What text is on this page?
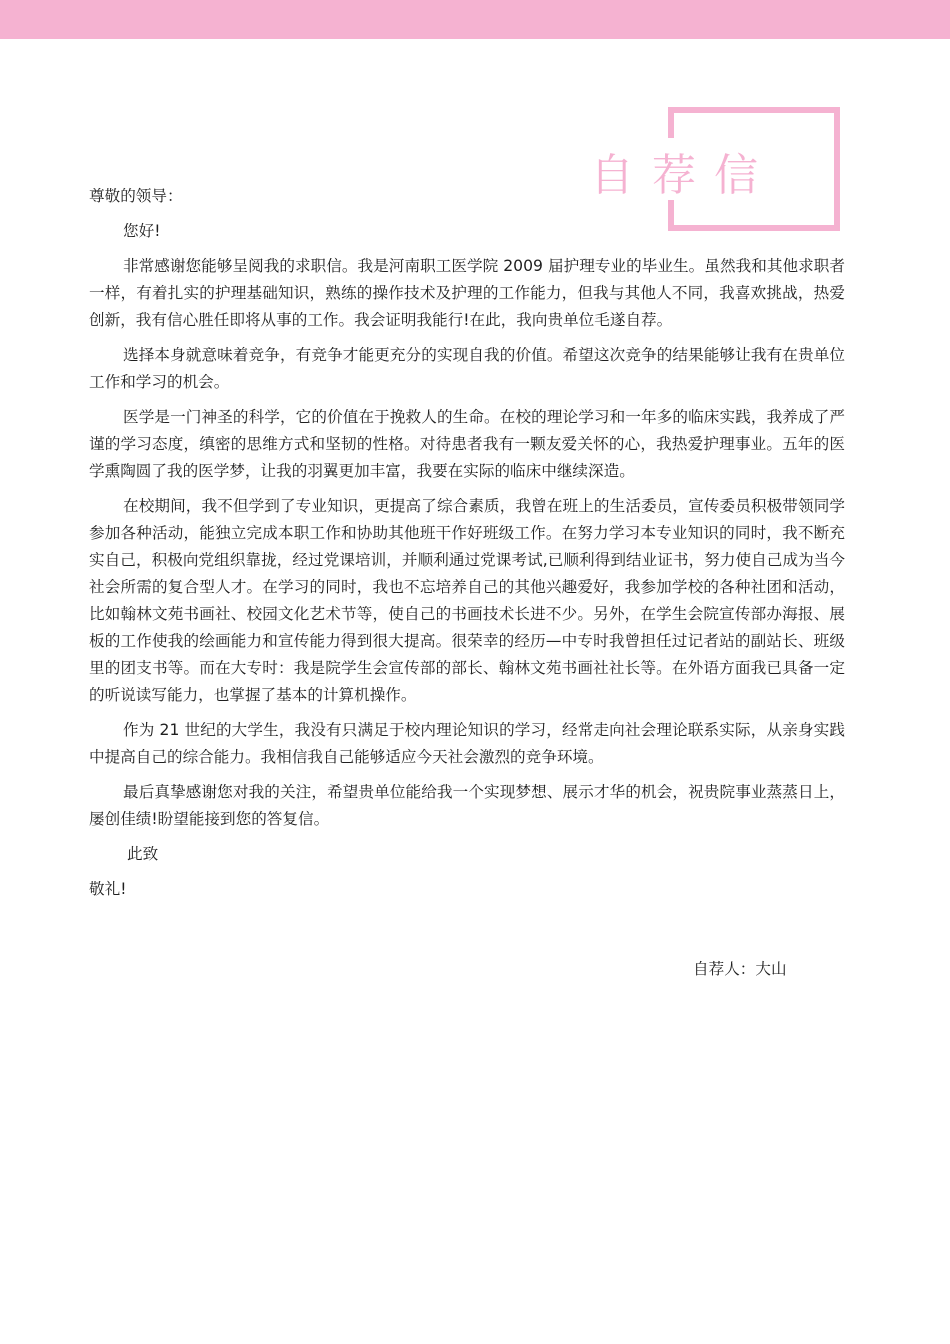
自荐信

尊敬的领导：

您好!

非常感谢您能够呈阅我的求职信。我是河南职工医学院 2009 届护理专业的毕业生。虽然我和其他求职者一样，有着扎实的护理基础知识，熟练的操作技术及护理的工作能力，但我与其他人不同，我喜欢挑战，热爱创新，我有信心胜任即将从事的工作。我会证明我能行!在此，我向贵单位毛遂自荐。

选择本身就意味着竞争，有竞争才能更充分的实现自我的价值。希望这次竞争的结果能够让我有在贵单位工作和学习的机会。

医学是一门神圣的科学，它的价值在于挽救人的生命。在校的理论学习和一年多的临床实践，我养成了严谨的学习态度，缜密的思维方式和坚韧的性格。对待患者我有一颗友爱关怀的心，我热爱护理事业。五年的医学熏陶圆了我的医学梦，让我的羽翼更加丰富，我要在实际的临床中继续深造。

在校期间，我不但学到了专业知识，更提高了综合素质，我曾在班上的生活委员，宣传委员积极带领同学参加各种活动，能独立完成本职工作和协助其他班干作好班级工作。在努力学习本专业知识的同时，我不断充实自己，积极向党组织靠拢，经过党课培训，并顺利通过党课考试,已顺利得到结业证书，努力使自己成为当今社会所需的复合型人才。在学习的同时，我也不忘培养自己的其他兴趣爱好，我参加学校的各种社团和活动，比如翰林文苑书画社、校园文化艺术节等，使自己的书画技术长进不少。另外，在学生会院宣传部办海报、展板的工作使我的绘画能力和宣传能力得到很大提高。很荣幸的经历—中专时我曾担任过记者站的副站长、班级里的团支书等。而在大专时：我是院学生会宣传部的部长、翰林文苑书画社社长等。在外语方面我已具备一定的听说读写能力，也掌握了基本的计算机操作。

作为 21 世纪的大学生，我没有只满足于校内理论知识的学习，经常走向社会理论联系实际，从亲身实践中提高自己的综合能力。我相信我自己能够适应今天社会激烈的竞争环境。

最后真挚感谢您对我的关注，希望贵单位能给我一个实现梦想、展示才华的机会，祝贵院事业蒸蒸日上，屡创佳绩!盼望能接到您的答复信。

此致

敬礼!

自荐人：大山
